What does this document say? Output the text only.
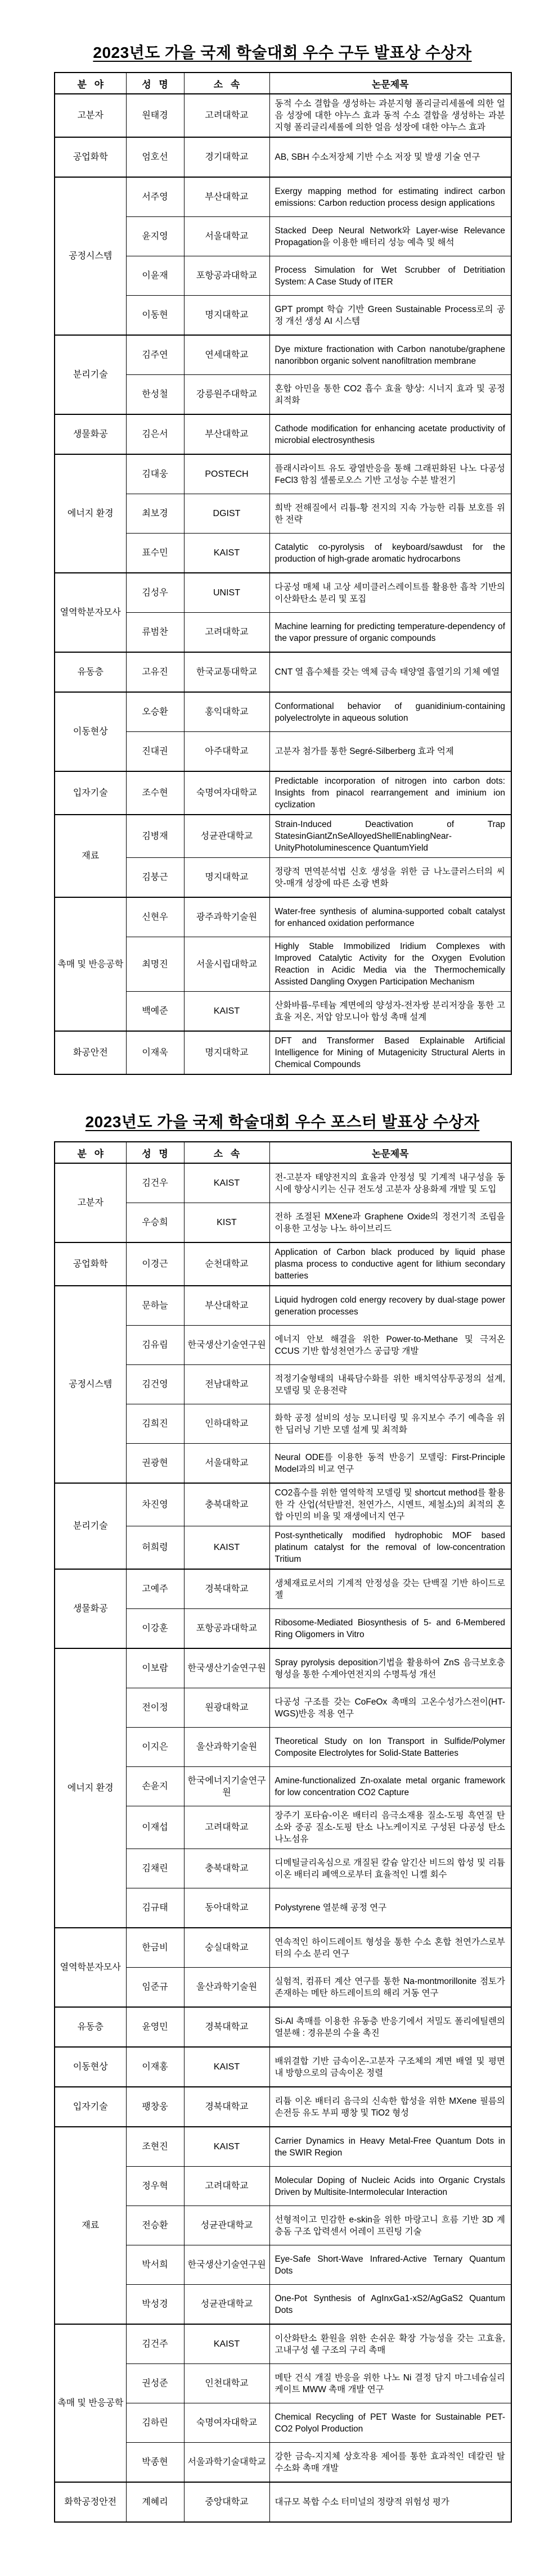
2023년도 가을 국제 학술대회 우수 구두 발표상 수상자
분 야	성 명	소 속	논문제목
고분자	원태경	고려대학교	동적 수소 결합을 생성하는 과분지형 폴리글리세롤에 의한 얼음 성장에 대한 야누스 효과 동적 수소 결합을 생성하는 과분지형 폴리글리세롤에 의한 얼음 성장에 대한 야누스 효과
공업화학	엄호선	경기대학교	AB, SBH 수소저장체 기반 수소 저장 및 발생 기술 연구
공정시스템	서주영	부산대학교	Exergy mapping method for estimating indirect carbon emissions: Carbon reduction process design applications
	윤지영	서울대학교	Stacked Deep Neural Network와 Layer-wise Relevance Propagation을 이용한 배터리 성능 예측 및 해석
	이윤재	포항공과대학교	Process Simulation for Wet Scrubber of Detritiation System: A Case Study of ITER
	이동현	명지대학교	GPT prompt 학습 기반 Green Sustainable Process로의 공정 개선 생성 AI 시스템
분리기술	김주연	연세대학교	Dye mixture fractionation with Carbon nanotube/graphene nanoribbon organic solvent nanofiltration membrane
	한성철	강릉원주대학교	혼합 아민을 통한 CO2 흡수 효율 향상: 시너지 효과 및 공정 최적화
생물화공	김은서	부산대학교	Cathode modification for enhancing acetate productivity of microbial electrosynthesis
에너지 환경	김대웅	POSTECH	플래시라이트 유도 광열반응을 통해 그래핀화된 나노 다공성 FeCl3 함침 셀룰로오스 기반 고성능 수분 발전기
	최보경	DGIST	희박 전해질에서 리튬-황 전지의 지속 가능한 리튬 보호를 위한 전략
	표수민	KAIST	Catalytic co-pyrolysis of keyboard/sawdust for the production of high-grade aromatic hydrocarbons
열역학분자모사	김성우	UNIST	다공성 매체 내 고상 세미클러스레이트를 활용한 흡착 기반의 이산화탄소 분리 및 포집
	류범찬	고려대학교	Machine learning for predicting temperature-dependency of the vapor pressure of organic compounds
유동층	고유진	한국교통대학교	CNT 열 흡수체를 갖는 액체 금속 태양열 흡열기의 기체 예열
이동현상	오승환	홍익대학교	Conformational behavior of guanidinium-containing polyelectrolyte in aqueous solution
	진대권	아주대학교	고분자 첨가를 통한 Segré-Silberberg 효과 억제
입자기술	조수현	숙명여자대학교	Predictable incorporation of nitrogen into carbon dots: Insights from pinacol rearrangement and iminium ion cyclization
재료	김병재	성균관대학교	Strain-Induced Deactivation of Trap StatesinGiantZnSeAlloyedShellEnablingNear-UnityPhotoluminescence QuantumYield
	김붕근	명지대학교	정량적 면역분석법 신호 생성을 위한 금 나노클러스터의 씨앗-매개 성장에 따른 소광 변화
촉매 및 반응공학	신현우	광주과학기술원	Water-free synthesis of alumina-supported cobalt catalyst for enhanced oxidation performance
	최명진	서울시립대학교	Highly Stable Immobilized Iridium Complexes with Improved Catalytic Activity for the Oxygen Evolution Reaction in Acidic Media via the Thermochemically Assisted Dangling Oxygen Participation Mechanism
	백예준	KAIST	산화바륨-루테늄 계면에의 양성자-전자쌍 분리저장을 통한 고효율 저온, 저압 암모니아 합성 촉매 설계
화공안전	이재욱	명지대학교	DFT and Transformer Based Explainable Artificial Intelligence for Mining of Mutagenicity Structural Alerts in Chemical Compounds
2023년도 가을 국제 학술대회 우수 포스터 발표상 수상자
분 야	성 명	소 속	논문제목
고분자	김건우	KAIST	전-고분자 태양전지의 효율과 안정성 및 기계적 내구성을 동시에 향상시키는 신규 전도성 고분자 상용화제 개발 및 도입
	우승희	KIST	전하 조절된 MXene과 Graphene Oxide의 정전기적 조립을 이용한 고성능 나노 하이브리드
공업화학	이경근	순천대학교	Application of Carbon black produced by liquid phase plasma process to conductive agent for lithium secondary batteries
공정시스템	문하늘	부산대학교	Liquid hydrogen cold energy recovery by dual-stage power generation processes
	김유림	한국생산기술연구원	에너지 안보 해결을 위한 Power-to-Methane 및 극저온 CCUS 기반 합성천연가스 공급망 개발
	김건영	전남대학교	적정기술형태의 내륙담수화를 위한 배치역삼투공정의 설계, 모델링 및 운용전략
	김희진	인하대학교	화학 공정 설비의 성능 모니터링 및 유지보수 주기 예측을 위한 딥러닝 기반 모델 설계 및 최적화
	권광현	서울대학교	Neural ODE를 이용한 동적 반응기 모델링: First-Principle Model과의 비교 연구
분리기술	차진영	충북대학교	CO2흡수를 위한 열역학적 모델링 및 shortcut method를 활용한 각 산업(석탄발전, 천연가스, 시멘트, 제철소)의 최적의 혼합 아민의 비율 및 재생에너지 연구
	허희령	KAIST	Post-synthetically modified hydrophobic MOF based platinum catalyst for the removal of low-concentration Tritium
생물화공	고예주	경북대학교	생체재료로서의 기계적 안정성을 갖는 단백질 기반 하이드로젤
	이강훈	포항공과대학교	Ribosome-Mediated Biosynthesis of 5- and 6-Membered Ring Oligomers in Vitro
에너지 환경	이보람	한국생산기술연구원	Spray pyrolysis deposition기법을 활용하여 ZnS 음극보호층 형성을 통한 수계아연전지의 수명특성 개선
	전이정	원광대학교	다공성 구조를 갖는 CoFeOx 촉매의 고온수성가스전이(HT-WGS)반응 적용 연구
	이지은	울산과학기술원	Theoretical Study on Ion Transport in Sulfide/Polymer Composite Electrolytes for Solid-State Batteries
	손윤지	한국에너지기술연구원	Amine-functionalized Zn-oxalate metal organic framework for low concentration CO2 Capture
	이재섭	고려대학교	장주기 포타슘-이온 배터리 음극소재용 질소-도핑 흑연질 탄소와 중공 질소-도핑 탄소 나노케이지로 구성된 다공성 탄소 나노섬유
	김채린	충북대학교	디메틸글리옥심으로 개질된 칼슘 알긴산 비드의 합성 및 리튬 이온 배터리 폐액으로부터 효율적인 니켈 회수
	김규태	동아대학교	Polystyrene 열분해 공정 연구
열역학분자모사	한금비	숭실대학교	연속적인 하이드레이트 형성을 통한 수소 혼합 천연가스로부터의 수소 분리 연구
	임준규	울산과학기술원	실험적, 컴퓨터 계산 연구를 통한 Na-montmorillonite 점토가 존재하는 메탄 하드레이트의 해리 거동 연구
유동층	윤영민	경북대학교	Si-Al 촉매를 이용한 유동층 반응기에서 저밀도 폴리에틸렌의 열분해 : 경유분의 수율 촉진
이동현상	이재홍	KAIST	배위결합 기반 금속이온-고분자 구조체의 계면 배열 및 평면 내 방향으로의 금속이온 정렬
입자기술	팽창웅	경북대학교	리튬 이온 배터리 음극의 신속한 합성을 위한 MXene 필름의 손전등 유도 부피 팽창 및 TiO2 형성
재료	조현진	KAIST	Carrier Dynamics in Heavy Metal-Free Quantum Dots in the SWIR Region
	정우혁	고려대학교	Molecular Doping of Nucleic Acids into Organic Crystals Driven by Multisite-Intermolecular Interaction
	전승환	성균관대학교	선형적이고 민감한 e-skin을 위한 마랑고니 흐름 기반 3D 계층돔 구조 압력센서 어레이 프린팅 기술
	박서희	한국생산기술연구원	Eye-Safe Short-Wave Infrared-Active Ternary Quantum Dots
	박성경	성균관대학교	One-Pot Synthesis of AgInxGa1-xS2/AgGaS2 Quantum Dots
촉매 및 반응공학	김건주	KAIST	이산화탄소 환원을 위한 손쉬운 확장 가능성을 갖는 고효율, 고내구성 쉘 구조의 구리 촉매
	권성준	인천대학교	메탄 건식 개질 반응을 위한 나노 Ni 결정 담지 마그네슘실리케이트 MWW 촉매 개발 연구
	김하린	숙명여자대학교	Chemical Recycling of PET Waste for Sustainable PET-CO2 Polyol Production
	박종현	서울과학기술대학교	강한 금속-지지체 상호작용 제어를 통한 효과적인 데칼린 탈수소화 촉매 개발
화학공정안전	계혜리	중앙대학교	대규모 복합 수소 터미널의 정량적 위험성 평가
